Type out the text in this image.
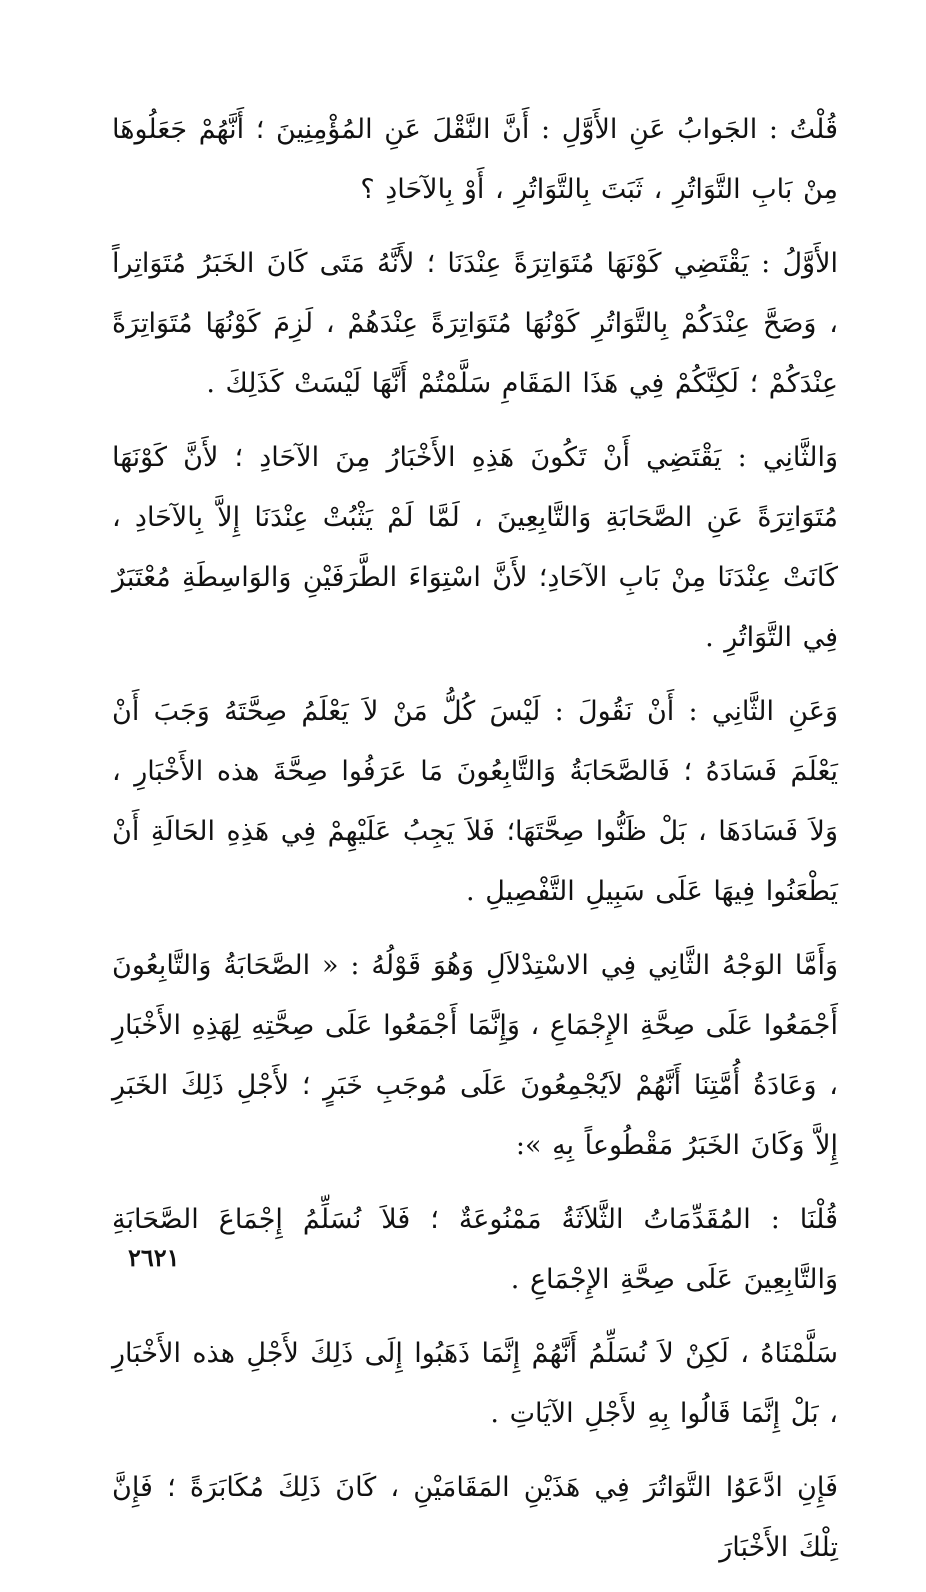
قُلْتُ : الجَوابُ عَنِ الأَوَّلِ : أَنَّ النَّقْلَ عَنِ المُؤْمِنِينَ ؛ أَنَّهُمْ جَعَلُوهَا مِنْ بَابِ التَّوَاتُرِ ، ثَبَتَ بِالتَّوَاتُرِ ، أَوْ بِالآحَادِ ؟

الأَوَّلُ : يَقْتَضِي كَوْنَهَا مُتَوَاتِرَةً عِنْدَنَا ؛ لأَنَّهُ مَتَى كَانَ الخَبَرُ مُتَوَاتِراً ، وَصَحَّ عِنْدَكُمْ بِالتَّوَاتُرِ كَوْنُهَا مُتَوَاتِرَةً عِنْدَهُمْ ، لَزِمَ كَوْنُهَا مُتَوَاتِرَةً عِنْدَكُمْ ؛ لَكِنَّكُمْ فِي هَذَا المَقَامِ سَلَّمْتُمْ أَنَّهَا لَيْسَتْ كَذَلِكَ .

وَالثَّانِي : يَقْتَضِي أَنْ تَكُونَ هَذِهِ الأَخْبَارُ مِنَ الآحَادِ ؛ لأَنَّ كَوْنَهَا مُتَوَاتِرَةً عَنِ الصَّحَابَةِ وَالتَّابِعِينَ ، لَمَّا لَمْ يَثْبُتْ عِنْدَنَا إِلاَّ بِالآحَادِ ، كَانَتْ عِنْدَنَا مِنْ بَابِ الآحَادِ؛ لأَنَّ اسْتِوَاءَ الطَّرَفَيْنِ وَالوَاسِطَةِ مُعْتَبَرٌ فِي التَّوَاتُرِ .

وَعَنِ الثَّانِي : أَنْ نَقُولَ : لَيْسَ كُلُّ مَنْ لاَ يَعْلَمُ صِحَّتَهُ وَجَبَ أَنْ يَعْلَمَ فَسَادَهُ ؛ فَالصَّحَابَةُ وَالتَّابِعُونَ مَا عَرَفُوا صِحَّةَ هذه الأَخْبَارِ ، وَلاَ فَسَادَهَا ، بَلْ ظَنُّوا صِحَّتَهَا؛ فَلاَ يَجِبُ عَلَيْهِمْ فِي هَذِهِ الحَالَةِ أَنْ يَطْعَنُوا فِيهَا عَلَى سَبِيلِ التَّفْصِيلِ .

وَأَمَّا الوَجْهُ الثَّانِي فِي الاسْتِدْلاَلِ وَهُوَ قَوْلُهُ : « الصَّحَابَةُ وَالتَّابِعُونَ أَجْمَعُوا عَلَى صِحَّةِ الإِجْمَاعِ ، وَإِنَّمَا أَجْمَعُوا عَلَى صِحَّتِهِ لِهَذِهِ الأَخْبَارِ ، وَعَادَةُ أُمَّتِنَا أَنَّهُمْ لاَيُجْمِعُونَ عَلَى مُوجَبِ خَبَرٍ ؛ لأَجْلِ ذَلِكَ الخَبَرِ إِلاَّ وَكَانَ الخَبَرُ مَقْطُوعاً بِهِ »:

قُلْنَا : المُقَدِّمَاتُ الثَّلاَثَةُ مَمْنُوعَةٌ ؛ فَلاَ نُسَلِّمُ إِجْمَاعَ الصَّحَابَةِ وَالتَّابِعِينَ عَلَى صِحَّةِ الإِجْمَاعِ .

سَلَّمْنَاهُ ، لَكِنْ لاَ نُسَلِّمُ أَنَّهُمْ إِنَّمَا ذَهَبُوا إِلَى ذَلِكَ لأَجْلِ هذه الأَخْبَارِ ، بَلْ إِنَّمَا قَالُوا بِهِ لأَجْلِ الآيَاتِ .

فَإِنِ ادَّعَوُا التَّوَاتُرَ فِي هَذَيْنِ المَقَامَيْنِ ، كَانَ ذَلِكَ مُكَابَرَةً ؛ فَإِنَّ تِلْكَ الأَخْبَارَ

٢٦٢١
